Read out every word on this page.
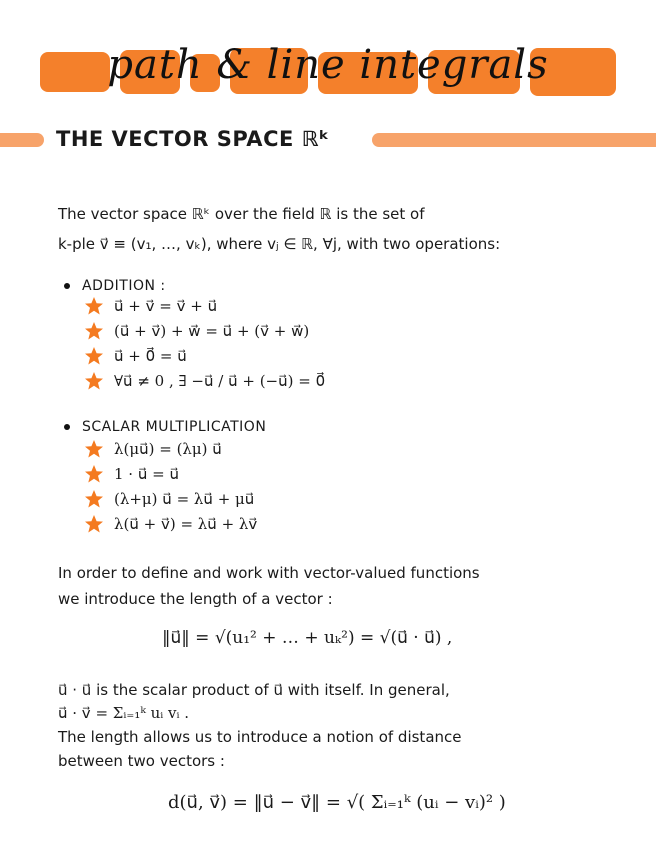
path & line integrals
THE VECTOR SPACE ℝᵏ
The vector space ℝᵏ over the field ℝ is the set of
k-ple v⃗ ≡ (v₁, …, vₖ), where vⱼ ∈ ℝ, ∀j, with two operations:
ADDITION :
u⃗ + v⃗ = v⃗ + u⃗
(u⃗ + v⃗) + w⃗ = u⃗ + (v⃗ + w⃗)
u⃗ + 0⃗ = u⃗
∀u⃗ ≠ 0 , ∃ −u⃗ / u⃗ + (−u⃗) = 0⃗
SCALAR MULTIPLICATION
λ(μu⃗) = (λμ) u⃗
1 · u⃗ = u⃗
(λ+μ) u⃗ = λu⃗ + μu⃗
λ(u⃗ + v⃗) = λu⃗ + λv⃗
In order to define and work with vector-valued functions
we introduce the length of a vector :
‖u⃗‖ = √(u₁² + … + uₖ²) = √(u⃗ · u⃗) ,
u⃗ · u⃗ is the scalar product of u⃗ with itself. In general,
u⃗ · v⃗ = Σᵢ₌₁ᵏ uᵢ vᵢ .
The length allows us to introduce a notion of distance
between two vectors :
d(u⃗, v⃗) = ‖u⃗ − v⃗‖ = √( Σᵢ₌₁ᵏ (uᵢ − vᵢ)² )
